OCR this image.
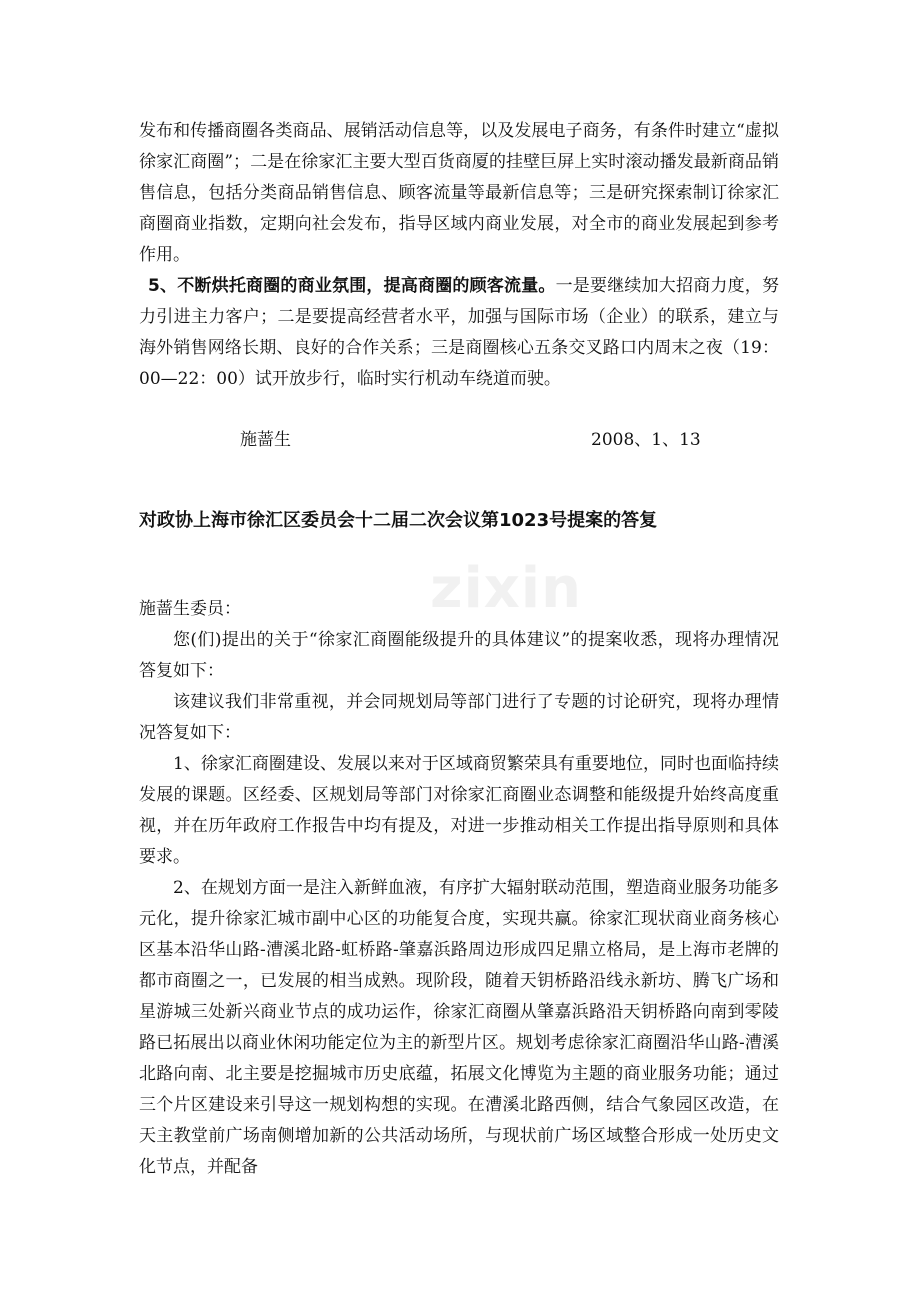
发布和传播商圈各类商品、展销活动信息等，以及发展电子商务，有条件时建立“虚拟徐家汇商圈”；二是在徐家汇主要大型百货商厦的挂壁巨屏上实时滚动播发最新商品销售信息，包括分类商品销售信息、顾客流量等最新信息等；三是研究探索制订徐家汇商圈商业指数，定期向社会发布，指导区域内商业发展，对全市的商业发展起到参考作用。

5、不断烘托商圈的商业氛围，提高商圈的顾客流量。一是要继续加大招商力度，努力引进主力客户；二是要提高经营者水平，加强与国际市场（企业）的联系，建立与海外销售网络长期、良好的合作关系；三是商圈核心五条交叉路口内周末之夜（19：00—22：00）试开放步行，临时实行机动车绕道而驶。

施蔷生	2008、1、13
对政协上海市徐汇区委员会十二届二次会议第1023号提案的答复
zixin

施蔷生委员：

您(们)提出的关于“徐家汇商圈能级提升的具体建议”的提案收悉，现将办理情况答复如下：

该建议我们非常重视，并会同规划局等部门进行了专题的讨论研究，现将办理情况答复如下：

1、徐家汇商圈建设、发展以来对于区域商贸繁荣具有重要地位，同时也面临持续发展的课题。区经委、区规划局等部门对徐家汇商圈业态调整和能级提升始终高度重视，并在历年政府工作报告中均有提及，对进一步推动相关工作提出指导原则和具体要求。

2、在规划方面一是注入新鲜血液，有序扩大辐射联动范围，塑造商业服务功能多元化，提升徐家汇城市副中心区的功能复合度，实现共赢。徐家汇现状商业商务核心区基本沿华山路-漕溪北路-虹桥路-肇嘉浜路周边形成四足鼎立格局，是上海市老牌的都市商圈之一，已发展的相当成熟。现阶段，随着天钥桥路沿线永新坊、腾飞广场和星游城三处新兴商业节点的成功运作，徐家汇商圈从肇嘉浜路沿天钥桥路向南到零陵路已拓展出以商业休闲功能定位为主的新型片区。规划考虑徐家汇商圈沿华山路-漕溪北路向南、北主要是挖掘城市历史底蕴，拓展文化博览为主题的商业服务功能；通过三个片区建设来引导这一规划构想的实现。在漕溪北路西侧，结合气象园区改造，在天主教堂前广场南侧增加新的公共活动场所，与现状前广场区域整合形成一处历史文化节点，并配备
